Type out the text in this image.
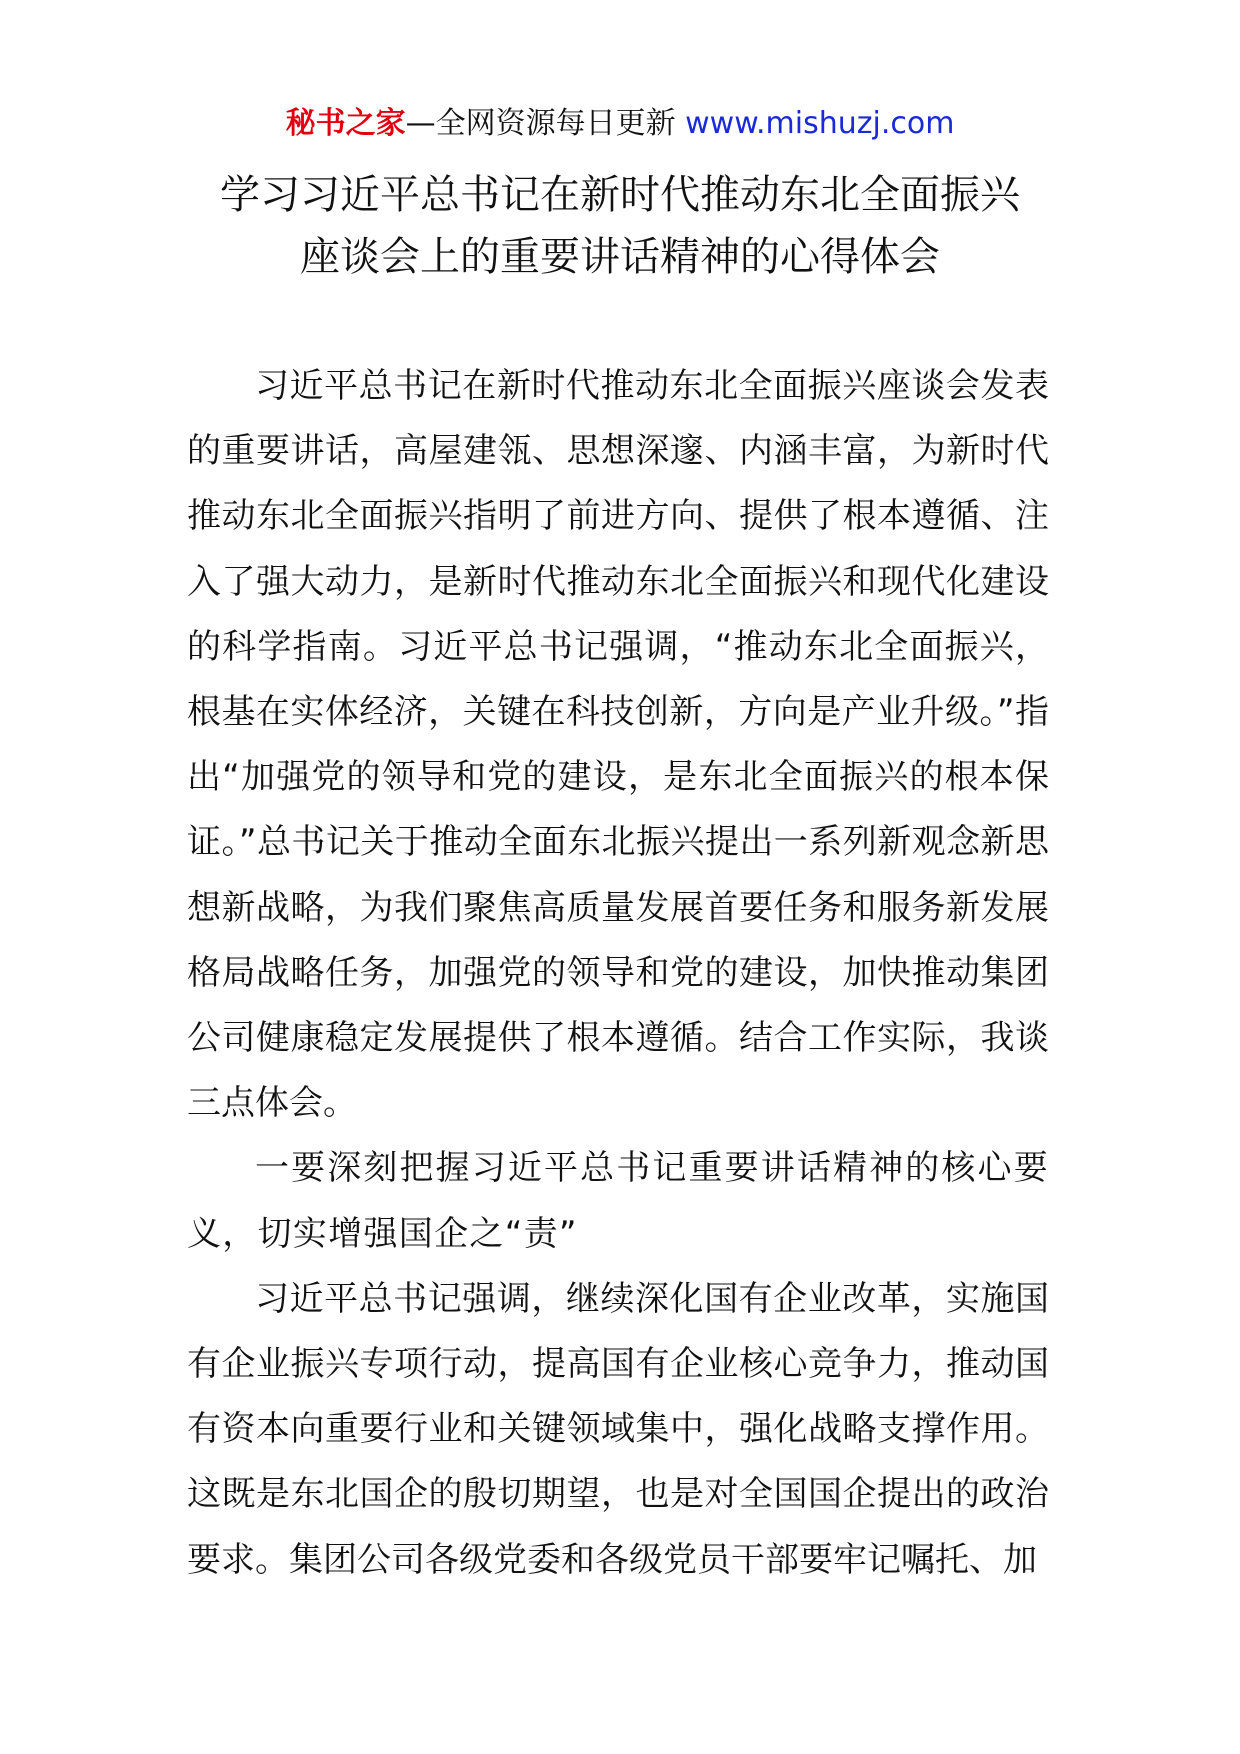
秘书之家—全网资源每日更新 www.mishuzj.com
学习习近平总书记在新时代推动东北全面振兴
座谈会上的重要讲话精神的心得体会

习近平总书记在新时代推动东北全面振兴座谈会发表的重要讲话，高屋建瓴、思想深邃、内涵丰富，为新时代推动东北全面振兴指明了前进方向、提供了根本遵循、注入了强大动力，是新时代推动东北全面振兴和现代化建设的科学指南。习近平总书记强调，“推动东北全面振兴，根基在实体经济，关键在科技创新，方向是产业升级。”指出“加强党的领导和党的建设，是东北全面振兴的根本保证。”总书记关于推动全面东北振兴提出一系列新观念新思想新战略，为我们聚焦高质量发展首要任务和服务新发展格局战略任务，加强党的领导和党的建设，加快推动集团公司健康稳定发展提供了根本遵循。结合工作实际，我谈三点体会。

一要深刻把握习近平总书记重要讲话精神的核心要义，切实增强国企之“责”

习近平总书记强调，继续深化国有企业改革，实施国有企业振兴专项行动，提高国有企业核心竞争力，推动国有资本向重要行业和关键领域集中，强化战略支撑作用。这既是东北国企的殷切期望，也是对全国国企提出的政治要求。集团公司各级党委和各级党员干部要牢记嘱托、加
